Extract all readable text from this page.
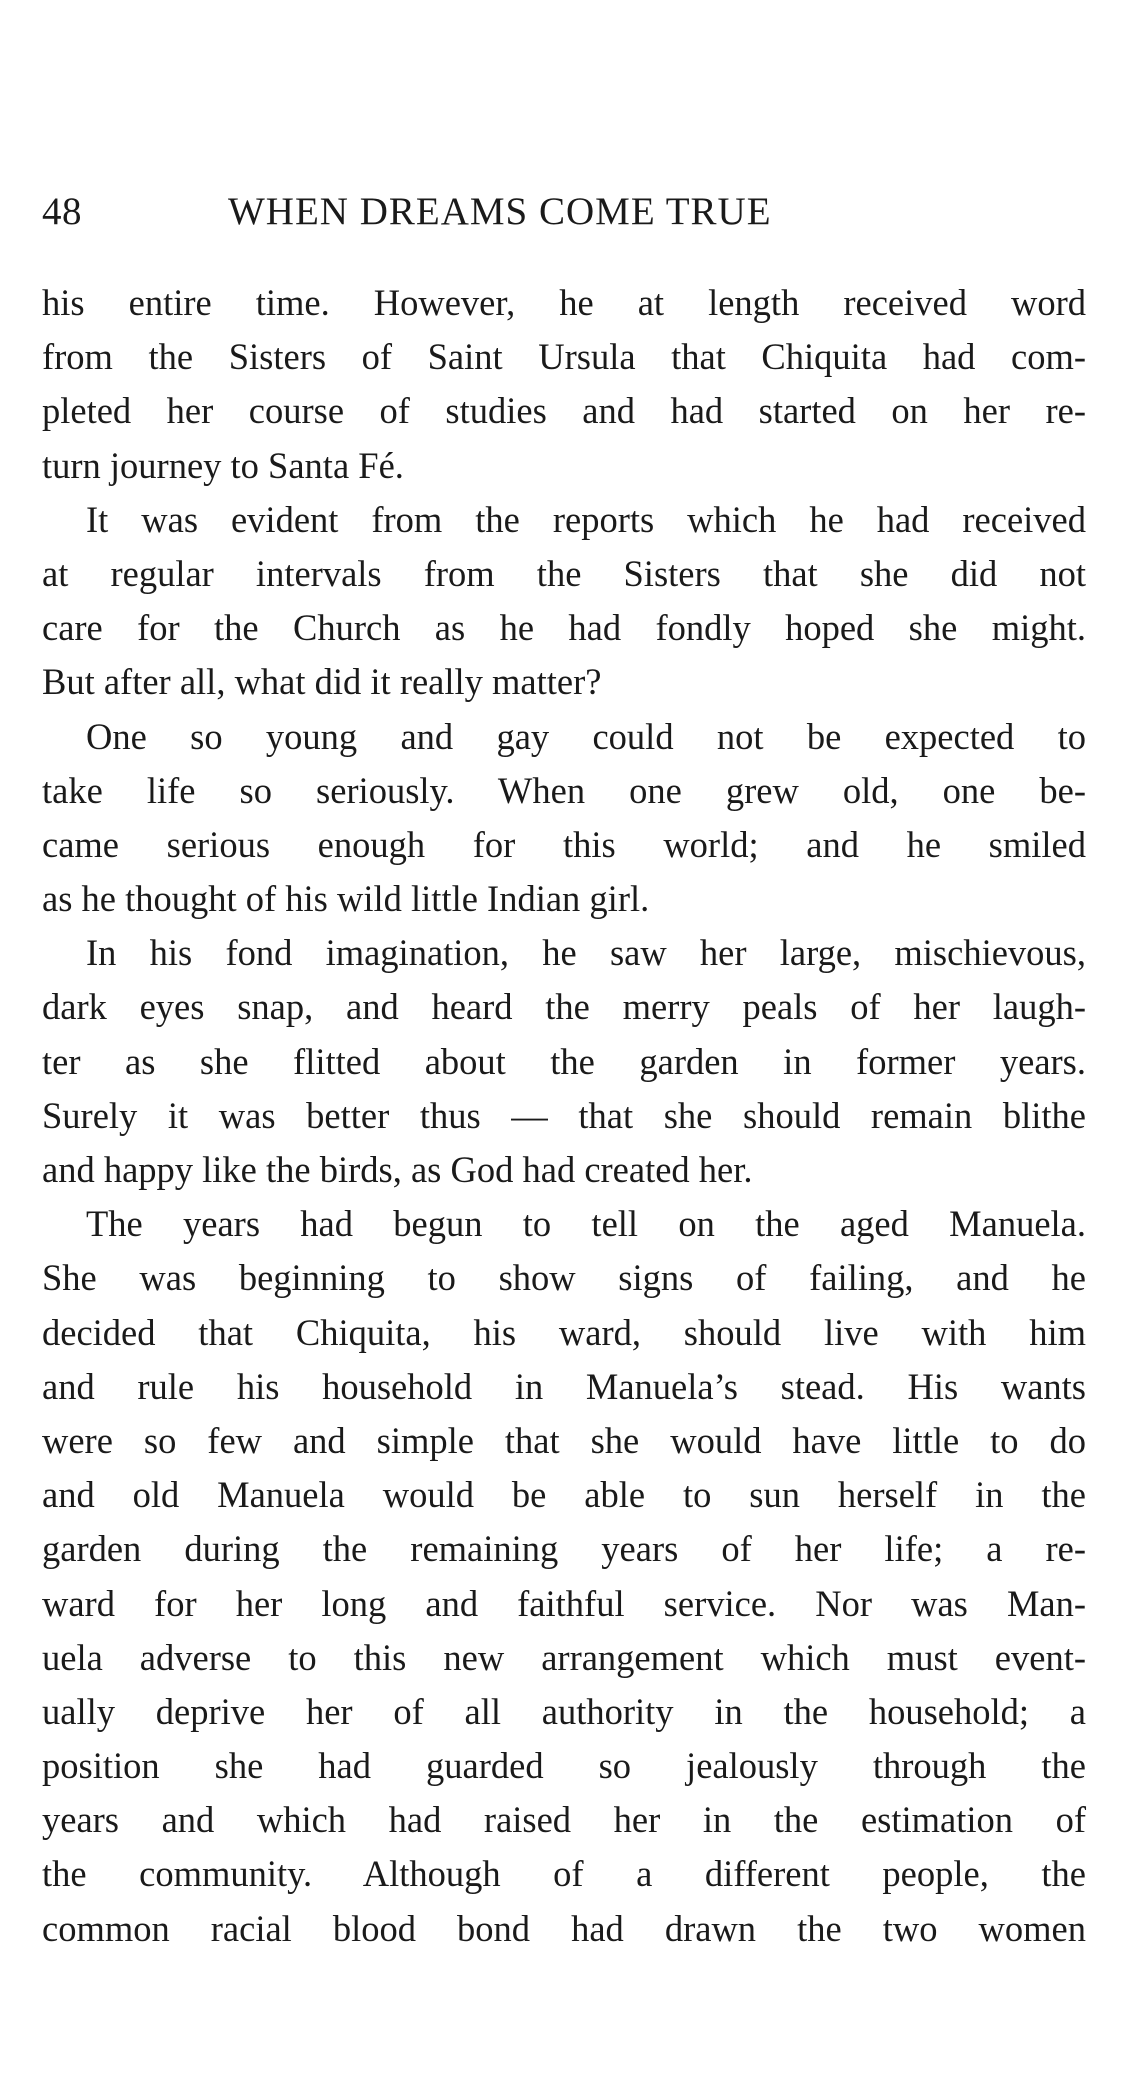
48	WHEN DREAMS COME TRUE
his entire time. However, he at length received word
from the Sisters of Saint Ursula that Chiquita had com-
pleted her course of studies and had started on her re-
turn journey to Santa Fé.
It was evident from the reports which he had received
at regular intervals from the Sisters that she did not
care for the Church as he had fondly hoped she might.
But after all, what did it really matter?
One so young and gay could not be expected to
take life so seriously. When one grew old, one be-
came serious enough for this world; and he smiled
as he thought of his wild little Indian girl.
In his fond imagination, he saw her large, mischievous,
dark eyes snap, and heard the merry peals of her laugh-
ter as she flitted about the garden in former years.
Surely it was better thus — that she should remain blithe
and happy like the birds, as God had created her.
The years had begun to tell on the aged Manuela.
She was beginning to show signs of failing, and he
decided that Chiquita, his ward, should live with him
and rule his household in Manuela’s stead. His wants
were so few and simple that she would have little to do
and old Manuela would be able to sun herself in the
garden during the remaining years of her life; a re-
ward for her long and faithful service. Nor was Man-
uela adverse to this new arrangement which must event-
ually deprive her of all authority in the household; a
position she had guarded so jealously through the
years and which had raised her in the estimation of
the community. Although of a different people, the
common racial blood bond had drawn the two women
